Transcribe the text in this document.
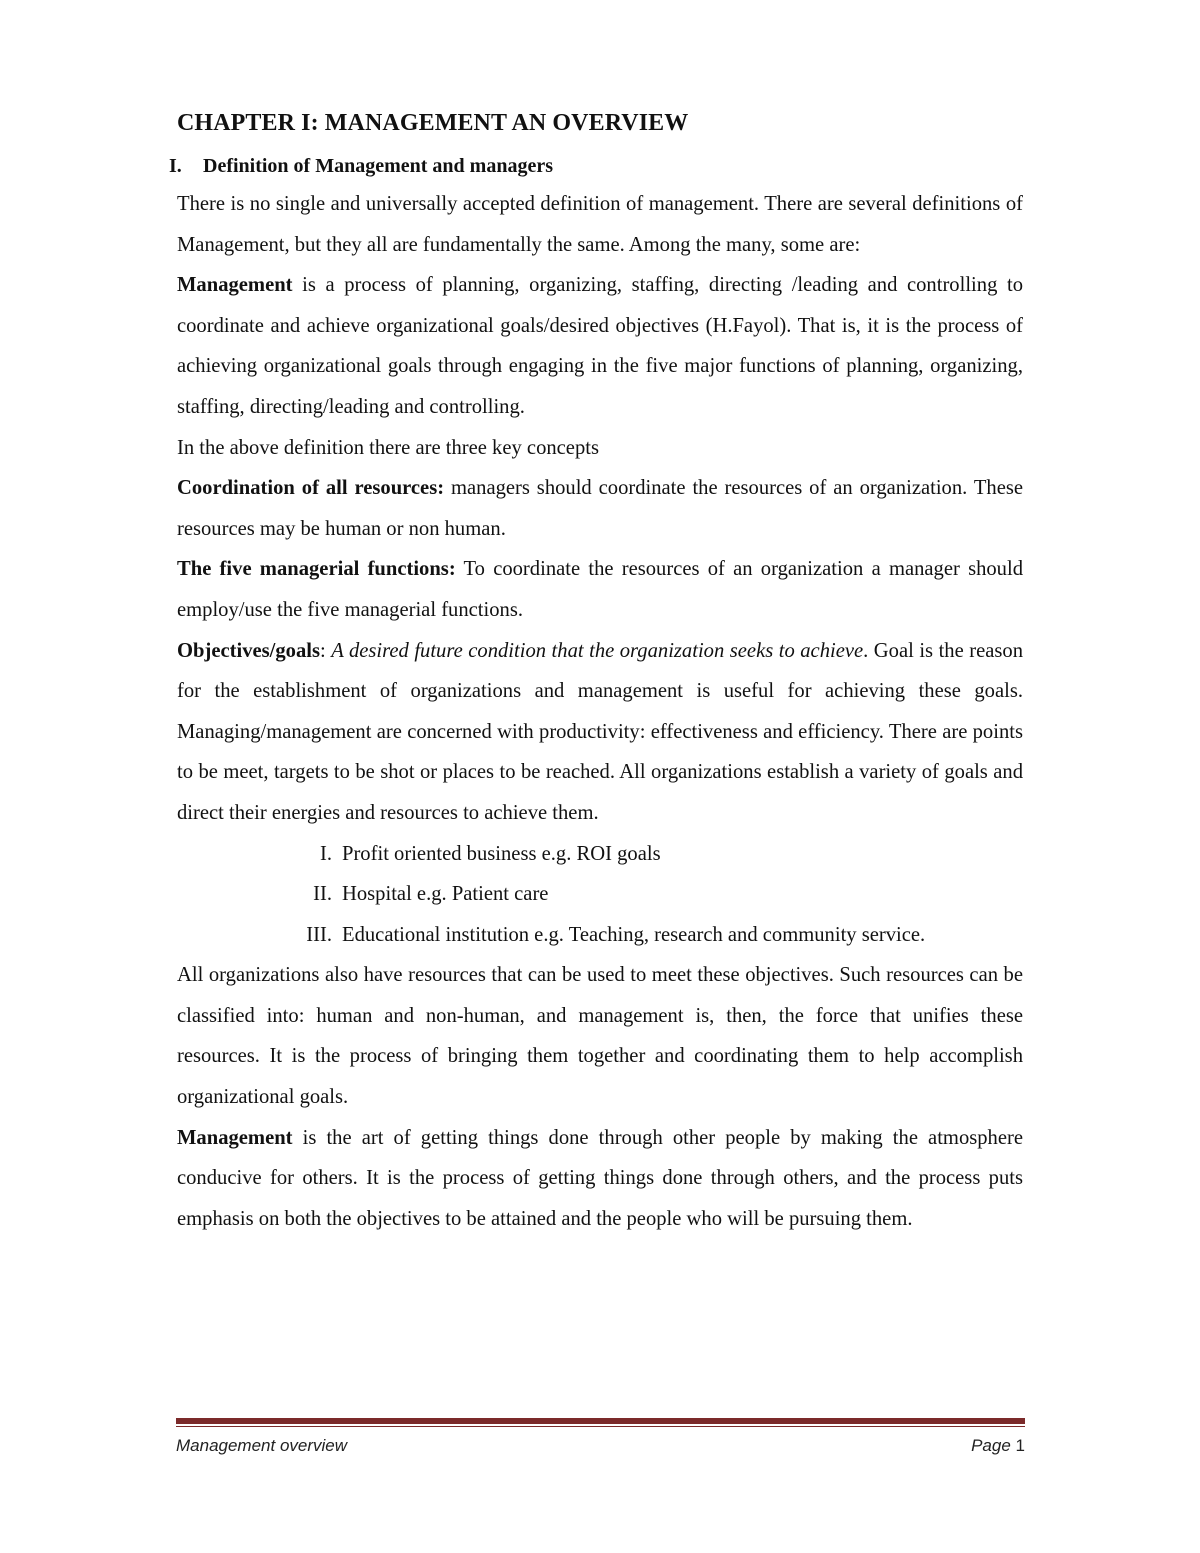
CHAPTER I: MANAGEMENT AN OVERVIEW
I.	Definition of Management and managers

There is no single and universally accepted definition of management. There are several definitions of Management, but they all are fundamentally the same. Among the many, some are:

Management is a process of planning, organizing, staffing, directing /leading and controlling to coordinate and achieve organizational goals/desired objectives (H.Fayol). That is, it is the process of achieving organizational goals through engaging in the five major functions of planning, organizing, staffing, directing/leading and controlling.

In the above definition there are three key concepts

Coordination of all resources: managers should coordinate the resources of an organization. These resources may be human or non human.

The five managerial functions: To coordinate the resources of an organization a manager should employ/use the five managerial functions.

Objectives/goals: A desired future condition that the organization seeks to achieve. Goal is the reason for the establishment of organizations and management is useful for achieving these goals. Managing/management are concerned with productivity: effectiveness and efficiency. There are points to be meet, targets to be shot or places to be reached. All organizations establish a variety of goals and direct their energies and resources to achieve them.

I. Profit oriented business e.g. ROI goals
II. Hospital e.g. Patient care
III. Educational institution e.g. Teaching, research and community service.

All organizations also have resources that can be used to meet these objectives. Such resources can be classified into: human and non-human, and management is, then, the force that unifies these resources. It is the process of bringing them together and coordinating them to help accomplish organizational goals.

Management is the art of getting things done through other people by making the atmosphere conducive for others. It is the process of getting things done through others, and the process puts emphasis on both the objectives to be attained and the people who will be pursuing them.

Management overview	Page 1
